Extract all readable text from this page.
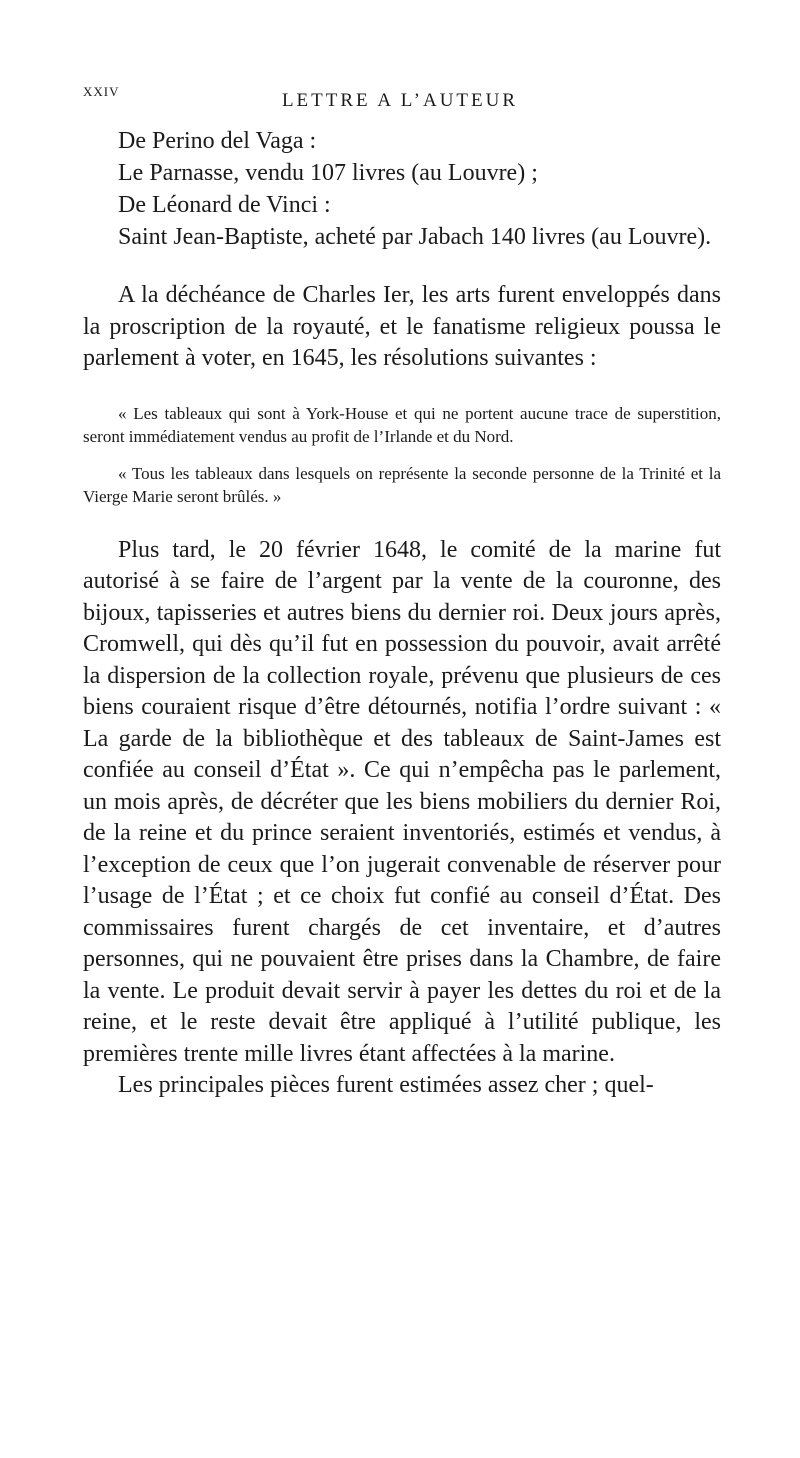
XXIV	LETTRE A L’AUTEUR

De Perino del Vaga :

Le Parnasse, vendu 107 livres (au Louvre) ;

De Léonard de Vinci :

Saint Jean-Baptiste, acheté par Jabach 140 livres (au Louvre).

A la déchéance de Charles Ier, les arts furent enveloppés dans la proscription de la royauté, et le fanatisme religieux poussa le parlement à voter, en 1645, les résolutions suivantes :

« Les tableaux qui sont à York-House et qui ne portent aucune trace de superstition, seront immédiatement vendus au profit de l’Irlande et du Nord.

« Tous les tableaux dans lesquels on représente la seconde personne de la Trinité et la Vierge Marie seront brûlés. »

Plus tard, le 20 février 1648, le comité de la marine fut autorisé à se faire de l’argent par la vente de la couronne, des bijoux, tapisseries et autres biens du dernier roi. Deux jours après, Cromwell, qui dès qu’il fut en possession du pouvoir, avait arrêté la dispersion de la collection royale, prévenu que plusieurs de ces biens couraient risque d’être détournés, notifia l’ordre suivant : « La garde de la bibliothèque et des tableaux de Saint-James est confiée au conseil d’État ». Ce qui n’empêcha pas le parlement, un mois après, de décréter que les biens mobiliers du dernier Roi, de la reine et du prince seraient inventoriés, estimés et vendus, à l’exception de ceux que l’on jugerait convenable de réserver pour l’usage de l’État ; et ce choix fut confié au conseil d’État. Des commissaires furent chargés de cet inventaire, et d’autres personnes, qui ne pouvaient être prises dans la Chambre, de faire la vente. Le produit devait servir à payer les dettes du roi et de la reine, et le reste devait être appliqué à l’utilité publique, les premières trente mille livres étant affectées à la marine.

Les principales pièces furent estimées assez cher ; quel-
